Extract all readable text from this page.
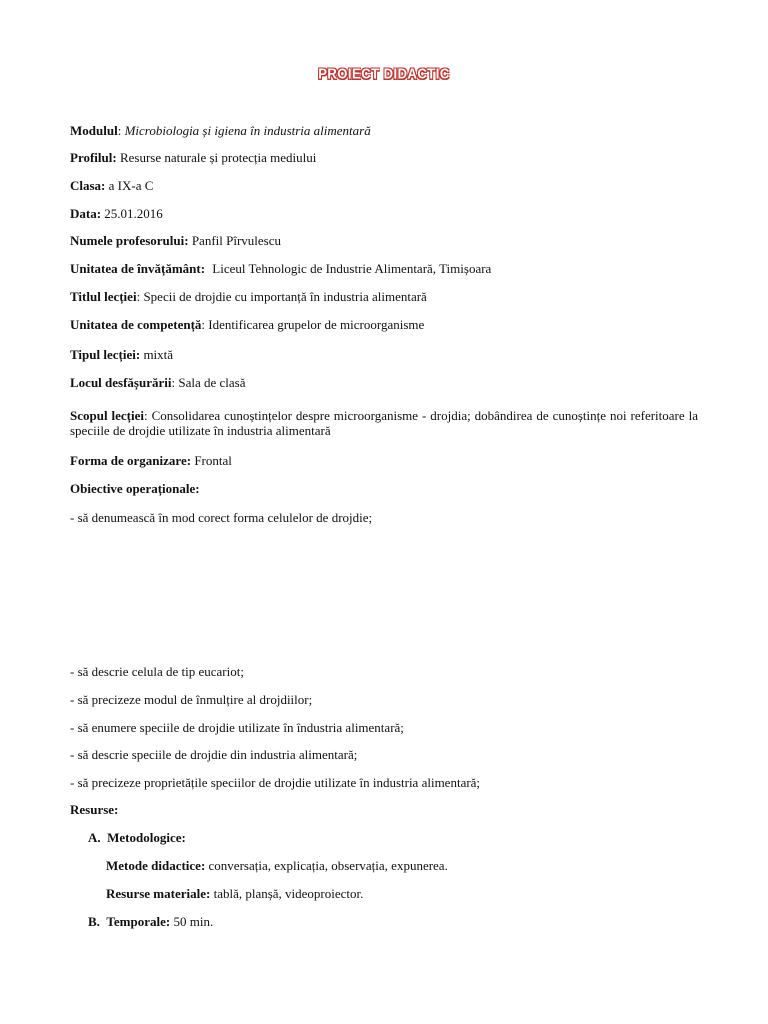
PROIECT DIDACTIC
Modulul: Microbiologia și igiena în industria alimentară
Profilul: Resurse naturale și protecția mediului
Clasa: a IX-a C
Data: 25.01.2016
Numele profesorului: Panfil Pîrvulescu
Unitatea de învățământ: Liceul Tehnologic de Industrie Alimentară, Timișoara
Titlul lecției: Specii de drojdie cu importanță în industria alimentară
Unitatea de competență: Identificarea grupelor de microorganisme
Tipul lecției: mixtă
Locul desfășurării: Sala de clasă
Scopul lecției: Consolidarea cunoștințelor despre microorganisme - drojdia; dobândirea de cunoștințe noi referitoare la speciile de drojdie utilizate în industria alimentară
Forma de organizare: Frontal
Obiective operaționale:
- să denumească în mod corect forma celulelor de drojdie;
- să descrie celula de tip eucariot;
- să precizeze modul de înmulțire al drojdiilor;
- să enumere speciile de drojdie utilizate în îndustria alimentară;
- să descrie speciile de drojdie din industria alimentară;
- să precizeze proprietățile speciilor de drojdie utilizate în industria alimentară;
Resurse:
A. Metodologice:
Metode didactice: conversația, explicația, observația, expunerea.
Resurse materiale: tablă, planșă, videoproiector.
B. Temporale: 50 min.
